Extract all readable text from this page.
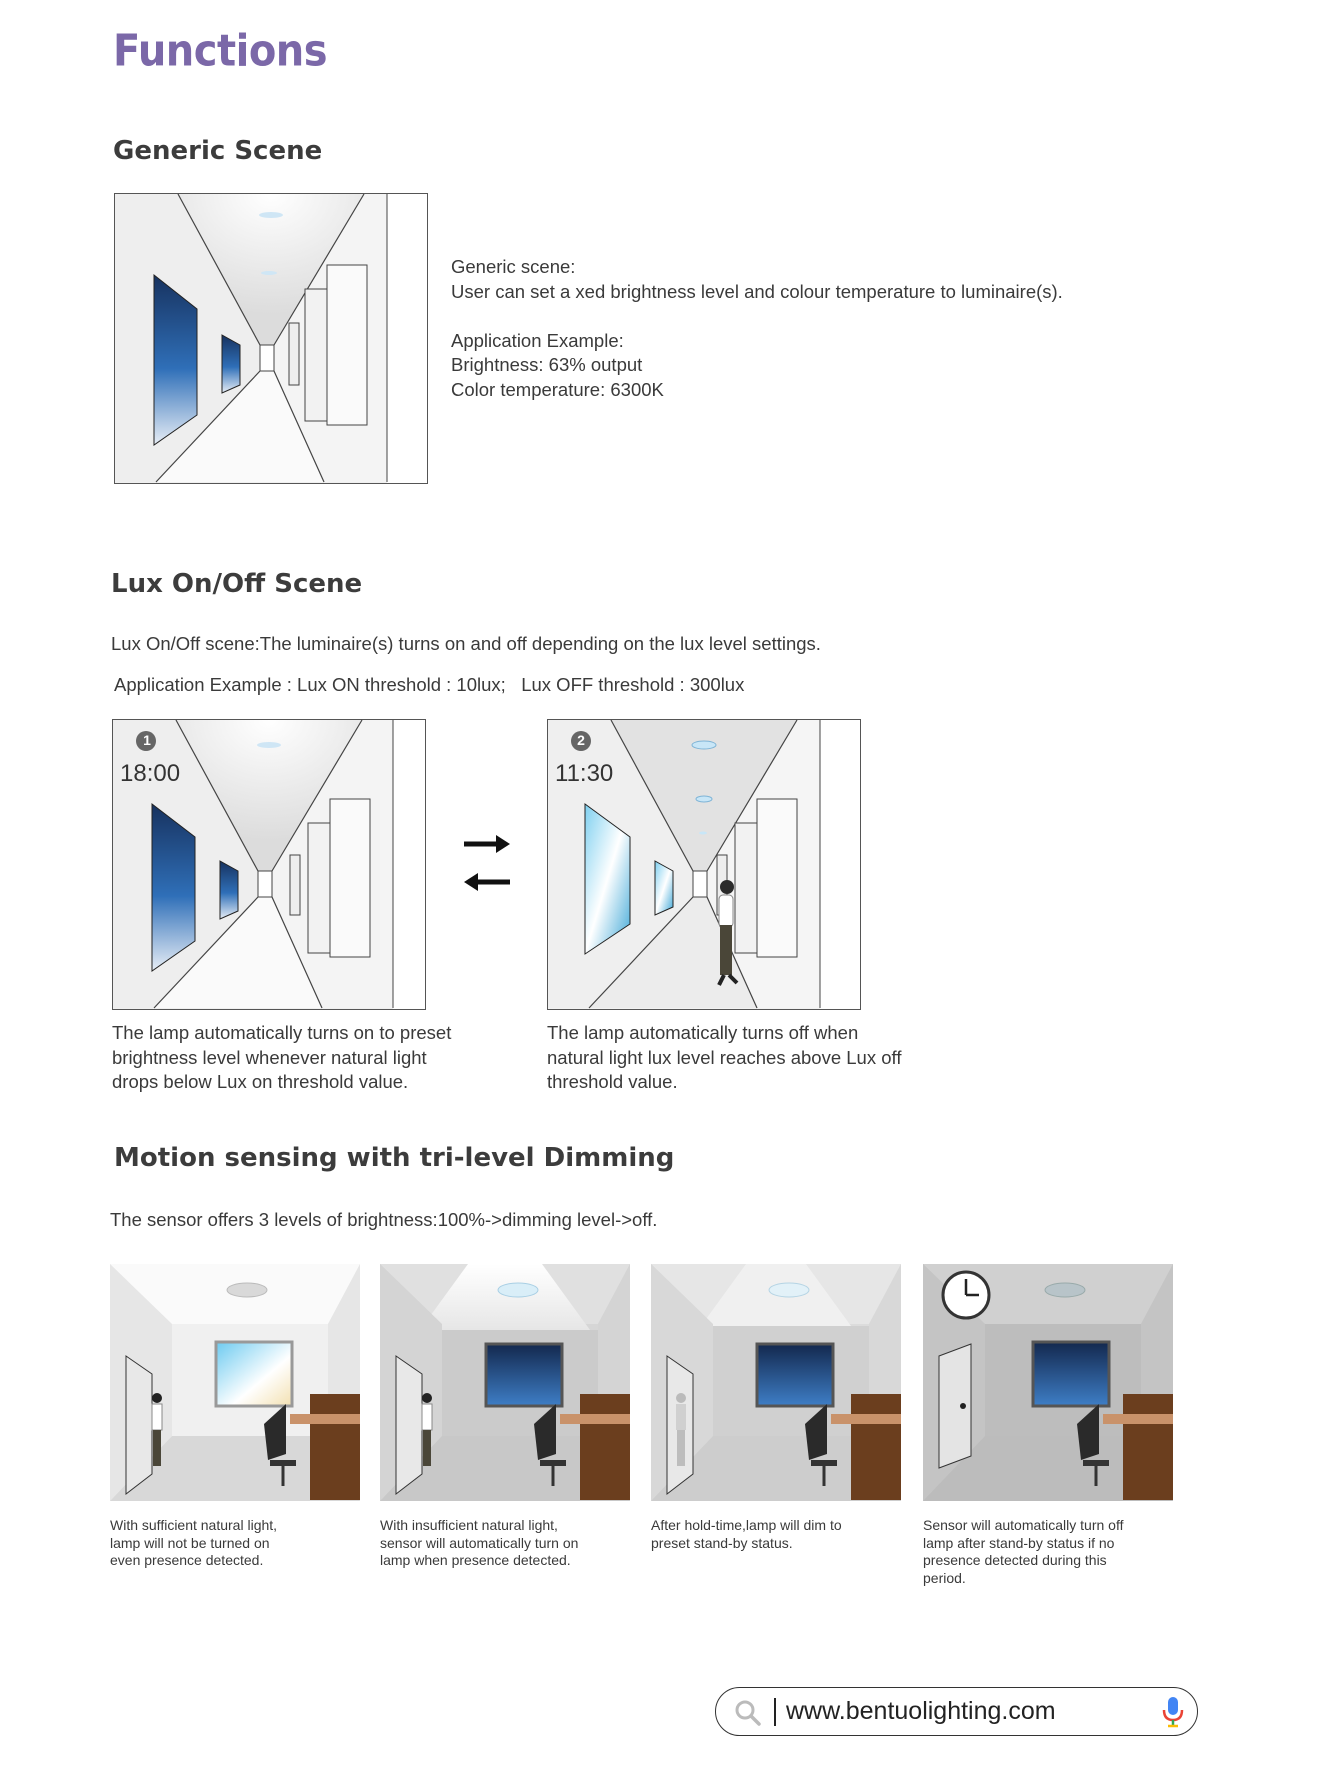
Functions
Generic Scene
Generic scene:
User can set a xed brightness level and colour temperature to luminaire(s).
Application Example:
Brightness: 63% output
Color temperature: 6300K
Lux On/Off Scene
Lux On/Off scene:The luminaire(s) turns on and off depending on the lux level settings.
Application Example : Lux ON threshold : 10lux;   Lux OFF threshold : 300lux
1
18:00
2
11:30
The lamp automatically turns on to preset
brightness level whenever natural light
drops below Lux on threshold value.
The lamp automatically turns off when
natural light lux level reaches above Lux off
threshold value.
Motion sensing with tri-level Dimming
The sensor offers 3 levels of brightness:100%->dimming level->off.
With sufficient natural light,
lamp will not be turned on
even presence detected.
With insufficient natural light,
sensor will automatically turn on
lamp when presence detected.
After hold-time,lamp will dim to
preset stand-by status.
Sensor will automatically turn off
lamp after stand-by status if no
presence detected during this
period.
www.bentuolighting.com
